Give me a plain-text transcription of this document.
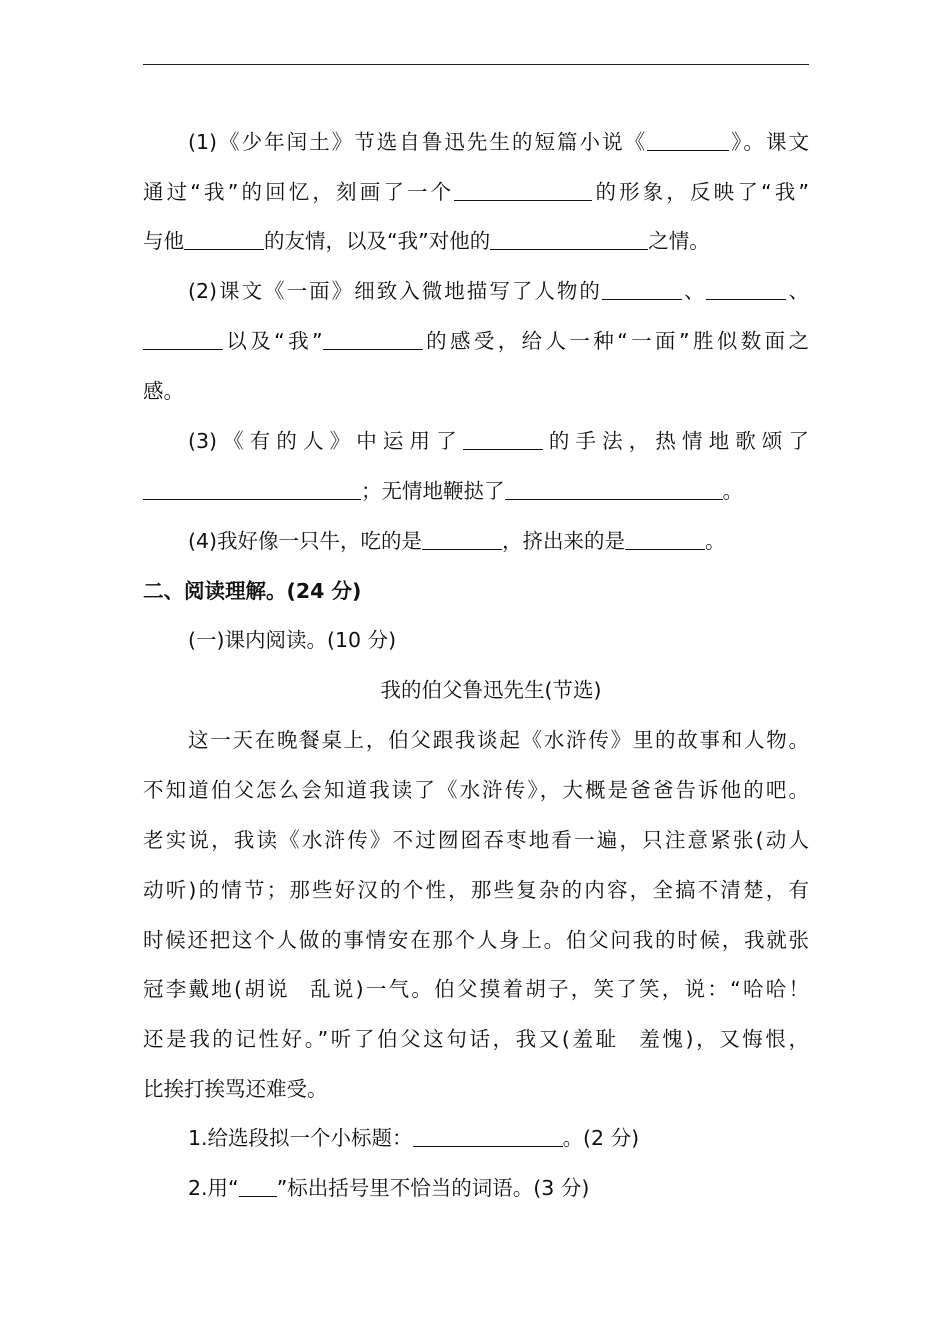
(1)《少年闰土》节选自鲁迅先生的短篇小说《	》。课文
通过“我”的回忆，刻画了一个	的形象，反映了“我”
与他	的友情，以及“我”对他的	之情。
(2)课文《一面》细致入微地描写了人物的	、	、
以及“我”	的感受，给人一种“一面”胜似数面之
感。
(3)《有的人》中运用了	的手法，热情地歌颂了
；无情地鞭挞了	。
(4)我好像一只牛，吃的是	，挤出来的是	。
二、阅读理解。(24 分)
(一)课内阅读。(10 分)
我的伯父鲁迅先生(节选)
这一天在晚餐桌上，伯父跟我谈起《水浒传》里的故事和人物。
不知道伯父怎么会知道我读了《水浒传》，大概是爸爸告诉他的吧。
老实说，我读《水浒传》不过囫囵吞枣地看一遍，只注意紧张(动人
动听)的情节；那些好汉的个性，那些复杂的内容，全搞不清楚，有
时候还把这个人做的事情安在那个人身上。伯父问我的时候，我就张
冠李戴地(胡说 乱说)一气。伯父摸着胡子，笑了笑，说：“哈哈！
还是我的记性好。”听了伯父这句话，我又(羞耻 羞愧)，又悔恨，
比挨打挨骂还难受。
1.给选段拟一个小标题：	。(2 分)
2.用“ ”标出括号里不恰当的词语。(3 分)
